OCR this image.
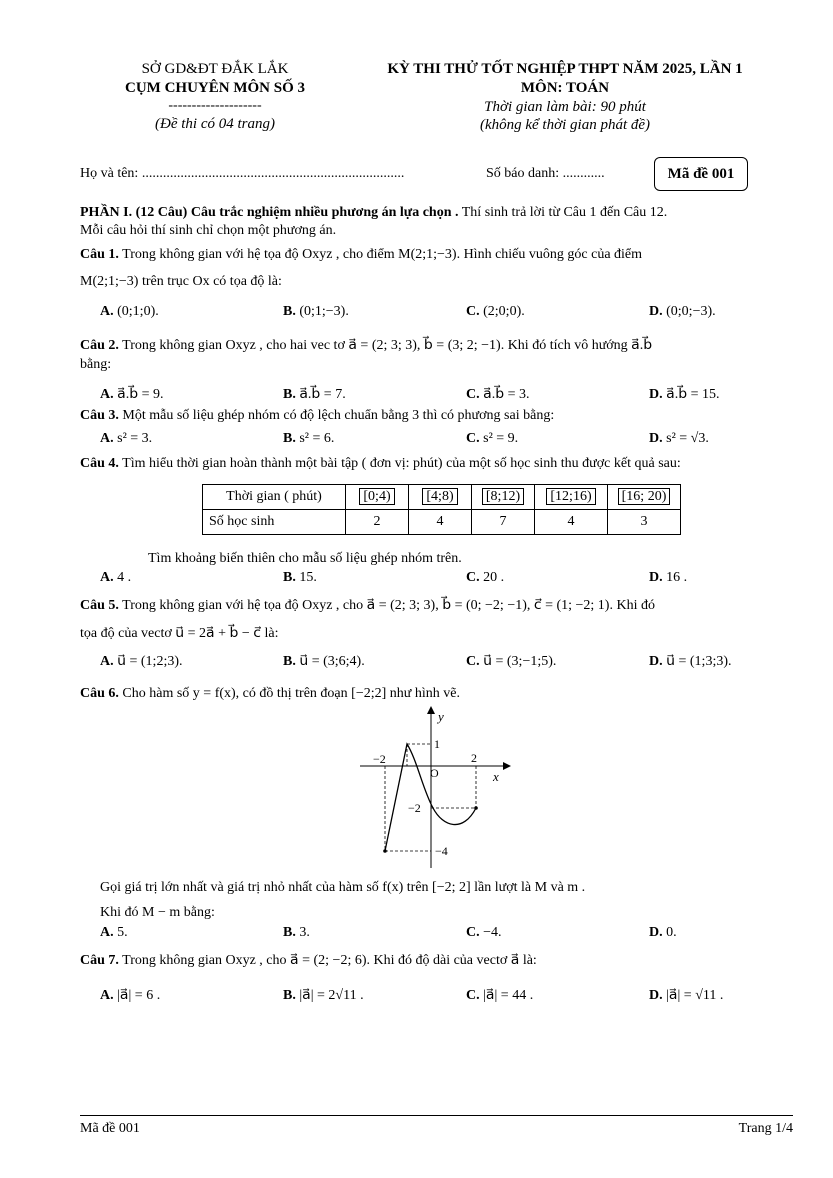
SỞ GD&ĐT ĐẮK LẮK
CỤM CHUYÊN MÔN SỐ 3
--------------------
(Đề thi có 04 trang)
KỲ THI THỬ TỐT NGHIỆP THPT NĂM 2025, LẦN 1
MÔN: TOÁN
Thời gian làm bài: 90 phút
(không kể thời gian phát đề)
Họ và tên: ...........................................................................	Số báo danh: ............	Mã đề 001
PHẦN I. (12 Câu) Câu trắc nghiệm nhiều phương án lựa chọn . Thí sinh trả lời từ Câu 1 đến Câu 12.
Mỗi câu hỏi thí sinh chỉ chọn một phương án.
Câu 1. Trong không gian với hệ tọa độ Oxyz , cho điểm M(2;1;−3). Hình chiếu vuông góc của điểm
M(2;1;−3) trên trục Ox có tọa độ là:
A. (0;1;0).	B. (0;1;−3).	C. (2;0;0).	D. (0;0;−3).
Câu 2. Trong không gian Oxyz , cho hai vec tơ a⃗ = (2; 3; 3), b⃗ = (3; 2; −1). Khi đó tích vô hướng a⃗.b⃗
bằng:
A. a⃗.b⃗ = 9.	B. a⃗.b⃗ = 7.	C. a⃗.b⃗ = 3.	D. a⃗.b⃗ = 15.
Câu 3. Một mẫu số liệu ghép nhóm có độ lệch chuẩn bằng 3 thì có phương sai bằng:
A. s² = 3.	B. s² = 6.	C. s² = 9.	D. s² = √3.
Câu 4. Tìm hiểu thời gian hoàn thành một bài tập ( đơn vị: phút) của một số học sinh thu được kết quả sau:
Thời gian ( phút)	[0;4)	[4;8)	[8;12)	[12;16)	[16; 20)
Số học sinh	2	4	7	4	3
Tìm khoảng biến thiên cho mẫu số liệu ghép nhóm trên.
A. 4 .	B. 15.	C. 20 .	D. 16 .
Câu 5. Trong không gian với hệ tọa độ Oxyz , cho a⃗ = (2; 3; 3), b⃗ = (0; −2; −1), c⃗ = (1; −2; 1). Khi đó
tọa độ của vectơ u⃗ = 2a⃗ + b⃗ − c⃗ là:
A. u⃗ = (1;2;3).	B. u⃗ = (3;6;4).	C. u⃗ = (3;−1;5).	D. u⃗ = (1;3;3).
Câu 6. Cho hàm số y = f(x), có đồ thị trên đoạn [−2;2] như hình vẽ.
y
x
O
−2	2
1
−2
−4
Gọi giá trị lớn nhất và giá trị nhỏ nhất của hàm số f(x) trên [−2; 2] lần lượt là M và m .
Khi đó M − m bằng:
A. 5.	B. 3.	C. −4.	D. 0.
Câu 7. Trong không gian Oxyz , cho a⃗ = (2; −2; 6). Khi đó độ dài của vectơ a⃗ là:
A. |a⃗| = 6 .	B. |a⃗| = 2√11 .	C. |a⃗| = 44 .	D. |a⃗| = √11 .
Mã đề 001	Trang 1/4
